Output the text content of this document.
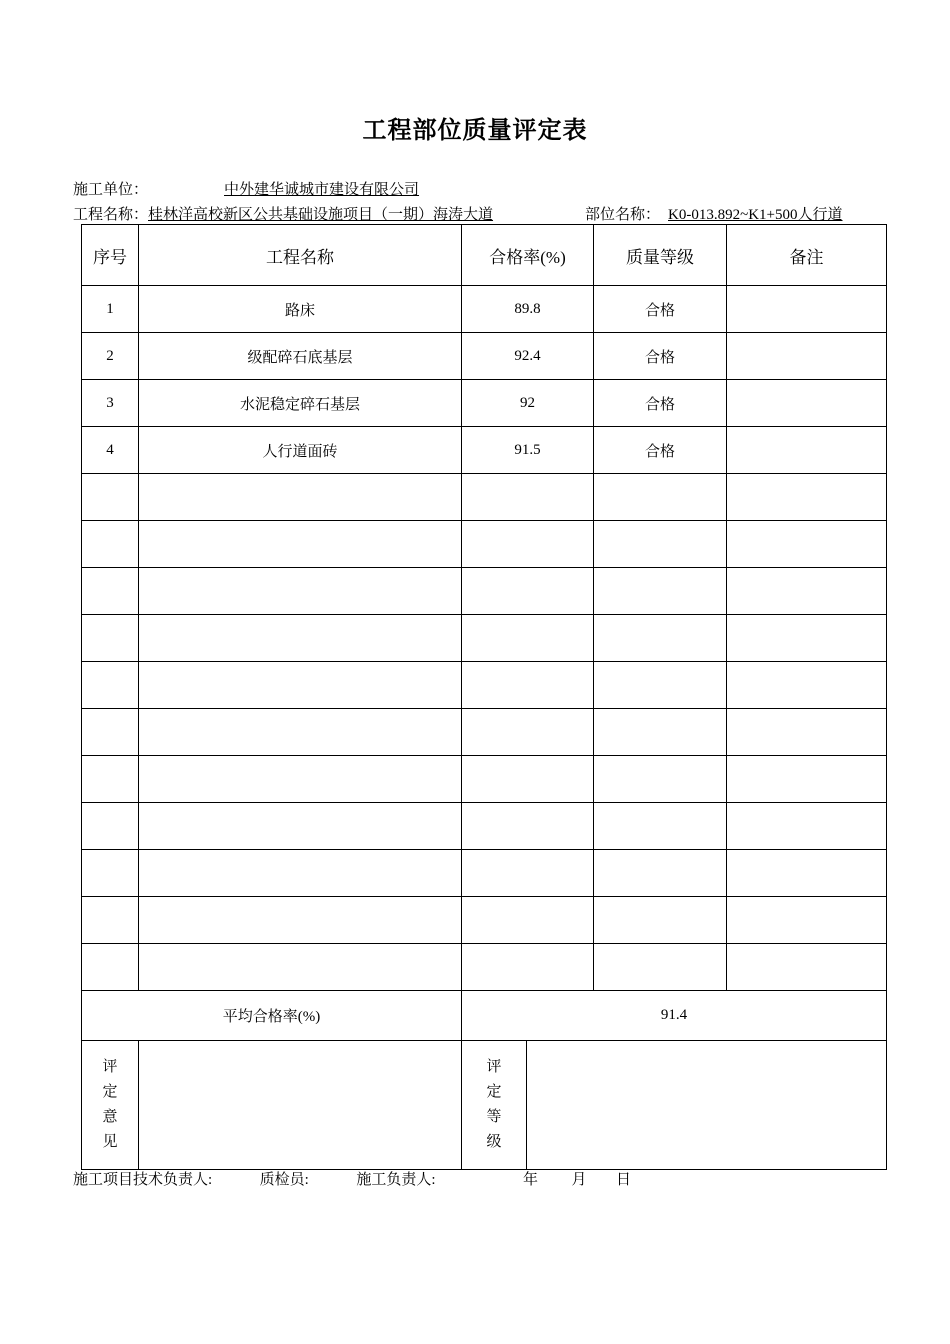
工程部位质量评定表
施工单位：	中外建华诚城市建设有限公司
工程名称：桂林洋高校新区公共基础设施项目（一期）海涛大道	部位名称： K0-013.892~K1+500人行道
序号	工程名称	合格率(%)		质量等级	备注
1	路床	89.8		合格	
2	级配碎石底基层	92.4		合格	
3	水泥稳定碎石基层	92		合格	
4	人行道面砖	91.5		合格	

平均合格率(%)		91.4			

评
定
意
见		评
定
等
级			

施工项目技术负责人:	质检员:	施工负责人:	年 月 日
